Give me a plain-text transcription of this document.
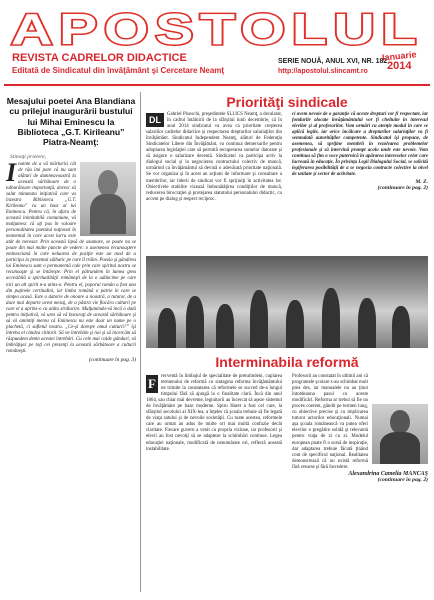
APOSTOLUL
REVISTA CADRELOR DIDACTICE
Editată de Sindicatul din învăţământ şi Cercetare Neamţ
SERIE NOUĂ, ANUL XVI, NR. 182
http://apostolul.slincamt.ro
Ianuarie
2014
Mesajului poetei Ana Blandiana cu prilejul inaugurării bustului lui Mihai Eminescu la Biblioteca „G.T. Kirileanu” Piatra-Neamţ:
Stimaţi prieteni,
I nainte de a vă mărturisi cât de rău îmi pare că nu sunt alături de dumneavoastră la această sărbătoare de o tulburătoare importanţă, doresc să salut minunata iniţiativă care va înzestra Biblioteca „G.T. Kirileanu” cu un bust al lui Eminescu. Pentru că, în afara de această inimitabilă comuniune, vă mulţumesc că aţi pus în valoare personalitatea poetului naţional în momentul în care acest lucru este atât de necesar. Prin această lipsă de asumare, se poate nu se poate din mai multe puncte de vedere: o asemenea recunoaştere eminesciană în care neluarea de poziţie este un mod de a participa la prezentul sălbatic pe care îl trăim. Poezia şi gândirea lui Eminescu sunt o permanentă cale prin care spiritul nostru se recunoaşte şi se întăreşte. Prin el pătrundem în lumea greu accesibilă a spiritualităţii româneşti de la o adâncime pe care nici un alt spirit n-a atins-o. Pentru el, poporul român a fost una din puţinele certitudini, iar limba română o patrie în care se simţea acasă. Este o datorie de onoare a noastră, a tuturor, de a duce mai departe acest mesaj, de a păstra vie flacăra culturii pe care el a aprins-o cu atâta strălucire. Mulţumindu-vă încă o dată pentru iniţiativă, vă urez să vă bucuraţi de această sărbătoare şi să vă amintiţi mereu că Eminescu nu este doar un nume pe o plachetă, ci sufletul nostru. „Ce-şi doreşte omul culturii?” îşi întreba el cândva cititorii. Să ne întrebăm şi noi şi să încercăm să răspundem demn acestei întrebări. Cu cele mai calde gânduri, vă îmbrăţişez pe toţi cei prezenţi la această sărbătoare a culturii româneşti.
(continuare în pag. 3)
Priorităţi sindicale
DL
Gabriel Pisoschi, preşedintele SLI.ICS Neamţ, a decalarat, în cadrul întâlnirii de la sfârşitul lunii decembrie, că în anul 2014 sindicatul va avea ca prioritate creşterea salariilor cadrelor didactice şi respectarea drepturilor salariaţilor din învăţământ. Sindicatul Independent Neamţ, alături de Federaţia Sindicatelor Libere din Învăţământ, va continua demersurile pentru adoptarea legislaţiei care să permită recuperarea sumelor datorate şi să asigure o salarizare decentă. Sindicatul va participa activ la dialogul social şi la negocierea contractului colectiv de muncă, urmărind ca învăţământul să devină o adevărată prioritate naţională. Se vor organiza şi în acest an acţiuni de informare şi consultare a membrilor, iar liderii de sindicat vor fi sprijiniţi în activitatea lor. Obiectivele stabilite vizează îmbunătăţirea condiţiilor de muncă, reducerea birocraţiei şi protejarea statutului personalului didactic, cu accent pe dialog şi respect reciproc.
ci avem nevoie de o garanţie că aceste drepturi vor fi respectate, iar fondurile alocate învăţământului vor fi cheltuite în interesul elevilor şi al profesorilor. Vom urmări cu atenţie modul în care se aplică legile, iar orice încălcare a drepturilor salariaţilor va fi semnalată autorităţilor competente. Sindicatul îşi propune, de asemenea, să sprijine membrii în rezolvarea problemelor profesionale şi să intervină prompt acolo unde este nevoie. Vom continua să fim o voce puternică în apărarea intereselor celor care lucrează în educaţie. În privinţa Legii Dialogului Social, se solicită legiferarea posibilităţii de a se negocia contracte colective la nivel de unitate şi sector de activitate.
M. Z.
(continuare în pag. 2)
Interminabila reformă
F	recventă în limbajul de specialitate de pretutindeni, cuplarea termenului de reformă cu sintagma reforma învăţământului ne trimite la constatarea că reformele se succed de-a lungul timpului fără să ajungă la o finalitate clară. Încă din anul 1864, sau chiar mai devreme, legiuitorii au încercat să aşeze sistemul de învăţământ pe baze moderne. Spiru Haret a fost cel care, la sfârşitul secolului al XIX-lea, a înţeles că şcoala trebuie să fie legată de viaţa satului şi de nevoile societăţii. Cu toate acestea, reformele care au urmat au adus de multe ori mai multă confuzie decât claritate. Fiecare guvern a venit cu propria viziune, iar profesorii şi elevii au fost nevoiţi să se adapteze la schimbări continue. Legea educaţiei naţionale, modificată de nenumărate ori, reflectă această instabilitate.
Profesorii au constatat în ultimii ani că programele şcolare s-au schimbat mult prea des, iar manualele nu au ţinut întotdeauna pasul cu aceste modificări. Reforma ar trebui să fie un proces coerent, gândit pe termen lung, cu obiective precise şi cu implicarea tuturor actorilor educaţionali. Numai aşa şcoala românească va putea oferi elevilor o pregătire solidă şi relevantă pentru viaţa de zi cu zi. Modelul european poate fi o sursă de inspiraţie, dar adaptarea trebuie făcută ţinând cont de specificul naţional. Realitatea demonstrează că nu există reformă fără resurse şi fără încredere.
Alexandrina Camelia MANCAŞ
(continuare în pag. 2)
